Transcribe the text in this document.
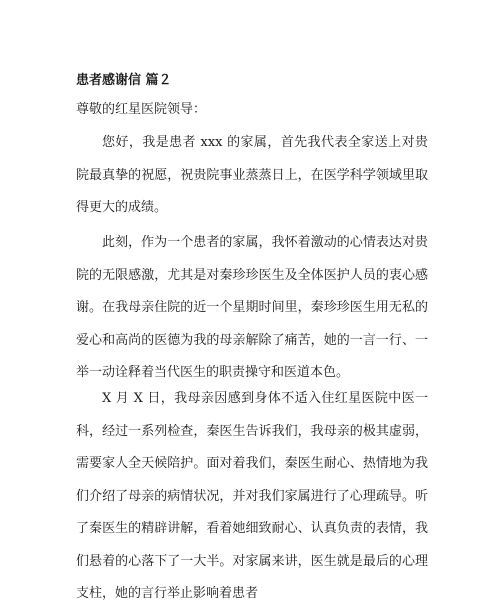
患者感谢信 篇２
尊敬的红星医院领导：

您好，我是患者 xxx 的家属，首先我代表全家送上对贵院最真挚的祝愿，祝贵院事业蒸蒸日上，在医学科学领域里取得更大的成绩。

此刻，作为一个患者的家属，我怀着激动的心情表达对贵院的无限感激，尤其是对秦珍珍医生及全体医护人员的衷心感谢。在我母亲住院的近一个星期时间里，秦珍珍医生用无私的爱心和高尚的医德为我的母亲解除了痛苦，她的一言一行、一举一动诠释着当代医生的职责操守和医道本色。

X 月 X 日，我母亲因感到身体不适入住红星医院中医一科，经过一系列检查，秦医生告诉我们，我母亲的极其虚弱，需要家人全天候陪护。面对着我们，秦医生耐心、热情地为我们介绍了母亲的病情状况，并对我们家属进行了心理疏导。听了秦医生的精辟讲解，看着她细致耐心、认真负责的表情，我们悬着的心落下了一大半。对家属来讲，医生就是最后的心理支柱，她的言行举止影响着患者
